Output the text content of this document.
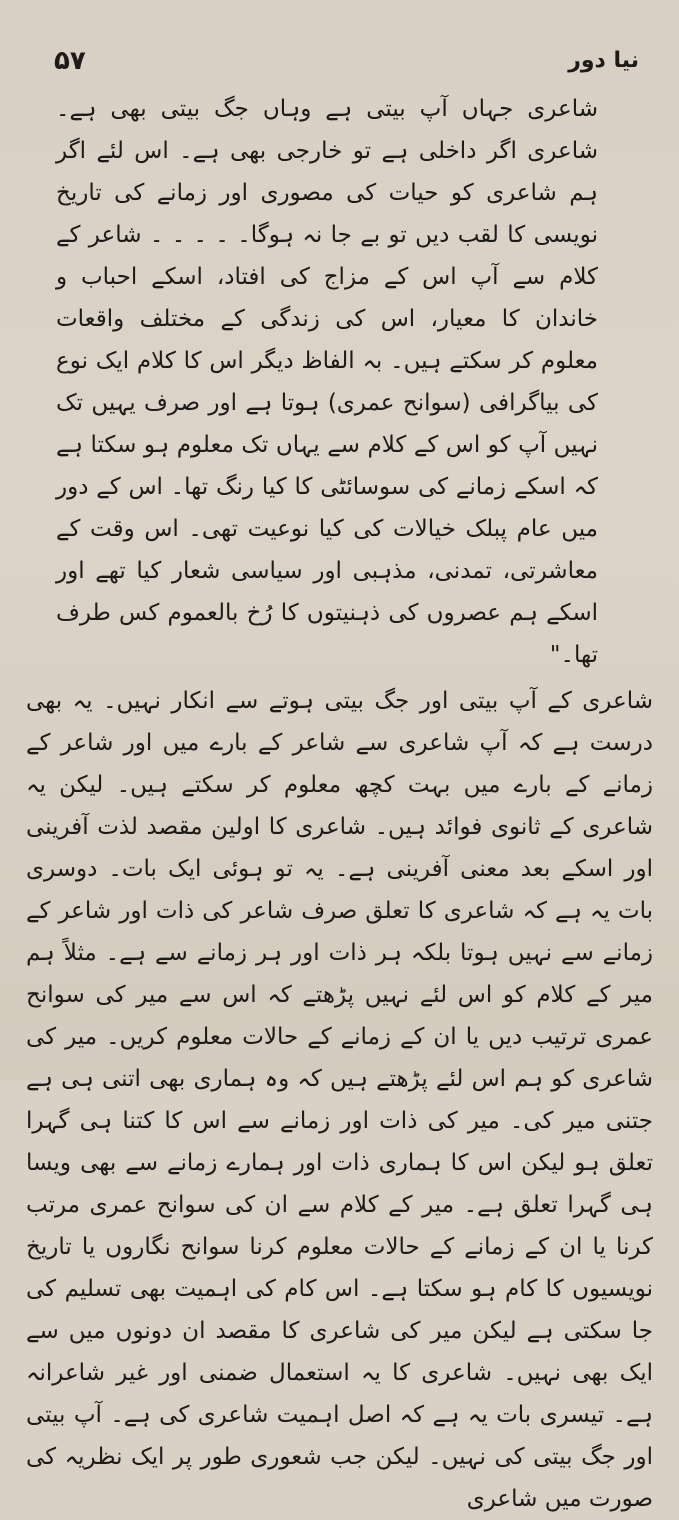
۵۷	نیا دور

شاعری جہاں آپ بیتی ہے وہاں جگ بیتی بھی ہے۔ شاعری اگر داخلی ہے تو خارجی بھی ہے۔ اس لئے اگر ہم شاعری کو حیات کی مصوری اور زمانے کی تاریخ نویسی کا لقب دیں تو بے جا نہ ہوگا۔ ۔ ۔ ۔ ۔ شاعر کے کلام سے آپ اس کے مزاج کی افتاد، اسکے احباب و خاندان کا معیار، اس کی زندگی کے مختلف واقعات معلوم کر سکتے ہیں۔ بہ الفاظ دیگر اس کا کلام ایک نوع کی بیاگرافی (سوانح عمری) ہوتا ہے اور صرف یہیں تک نہیں آپ کو اس کے کلام سے یہاں تک معلوم ہو سکتا ہے کہ اسکے زمانے کی سوسائٹی کا کیا رنگ تھا۔ اس کے دور میں عام پبلک خیالات کی کیا نوعیت تھی۔ اس وقت کے معاشرتی، تمدنی، مذہبی اور سیاسی شعار کیا تھے اور اسکے ہم عصروں کی ذہنیتوں کا رُخ بالعموم کس طرف تھا۔"

شاعری کے آپ بیتی اور جگ بیتی ہوتے سے انکار نہیں۔ یہ بھی درست ہے کہ آپ شاعری سے شاعر کے بارے میں اور شاعر کے زمانے کے بارے میں بہت کچھ معلوم کر سکتے ہیں۔ لیکن یہ شاعری کے ثانوی فوائد ہیں۔ شاعری کا اولین مقصد لذت آفرینی اور اسکے بعد معنی آفرینی ہے۔ یہ تو ہوئی ایک بات۔ دوسری بات یہ ہے کہ شاعری کا تعلق صرف شاعر کی ذات اور شاعر کے زمانے سے نہیں ہوتا بلکہ ہر ذات اور ہر زمانے سے ہے۔ مثلاً ہم میر کے کلام کو اس لئے نہیں پڑھتے کہ اس سے میر کی سوانح عمری ترتیب دیں یا ان کے زمانے کے حالات معلوم کریں۔ میر کی شاعری کو ہم اس لئے پڑھتے ہیں کہ وہ ہماری بھی اتنی ہی ہے جتنی میر کی۔ میر کی ذات اور زمانے سے اس کا کتنا ہی گہرا تعلق ہو لیکن اس کا ہماری ذات اور ہمارے زمانے سے بھی ویسا ہی گہرا تعلق ہے۔ میر کے کلام سے ان کی سوانح عمری مرتب کرنا یا ان کے زمانے کے حالات معلوم کرنا سوانح نگاروں یا تاریخ نویسیوں کا کام ہو سکتا ہے۔ اس کام کی اہمیت بھی تسلیم کی جا سکتی ہے لیکن میر کی شاعری کا مقصد ان دونوں میں سے ایک بھی نہیں۔ شاعری کا یہ استعمال ضمنی اور غیر شاعرانہ ہے۔ تیسری بات یہ ہے کہ اصل اہمیت شاعری کی ہے۔ آپ بیتی اور جگ بیتی کی نہیں۔ لیکن جب شعوری طور پر ایک نظریہ کی صورت میں شاعری
